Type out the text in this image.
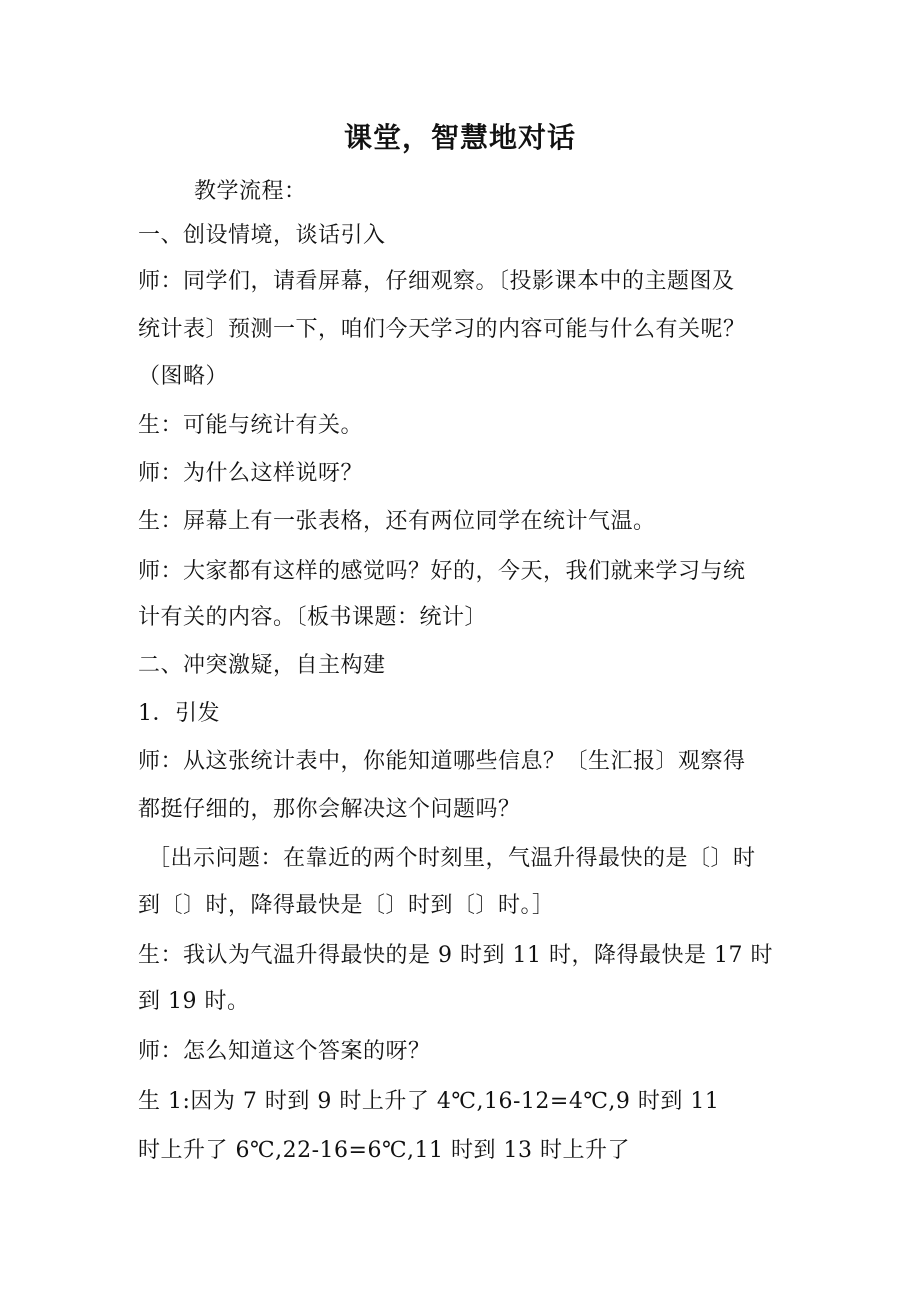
课堂，智慧地对话
教学流程：
一、创设情境，谈话引入
师：同学们，请看屏幕，仔细观察。〔投影课本中的主题图及
统计表〕预测一下，咱们今天学习的内容可能与什么有关呢？
（图略）
生：可能与统计有关。
师：为什么这样说呀？
生：屏幕上有一张表格，还有两位同学在统计气温。
师：大家都有这样的感觉吗？好的，今天，我们就来学习与统
计有关的内容。〔板书课题：统计〕
二、冲突激疑，自主构建
1．引发
师：从这张统计表中，你能知道哪些信息？〔生汇报〕观察得
都挺仔细的，那你会解决这个问题吗？
［出示问题：在靠近的两个时刻里，气温升得最快的是〔〕时
到〔〕时，降得最快是〔〕时到〔〕时。］
生：我认为气温升得最快的是 9 时到 11 时，降得最快是 17 时
到 19 时。
师：怎么知道这个答案的呀？
生 1:因为 7 时到 9 时上升了 4℃,16-12=4℃,9 时到 11
时上升了 6℃,22-16=6℃,11 时到 13 时上升了
